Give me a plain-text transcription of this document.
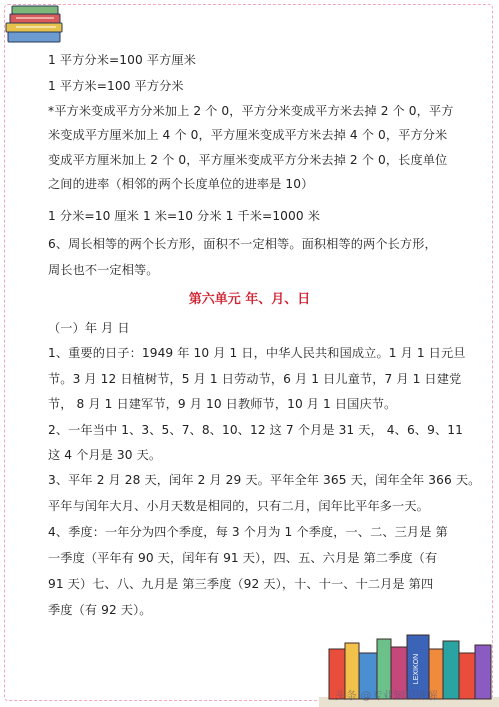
1 平方分米=100 平方厘米
1 平方米=100 平方分米
*平方米变成平方分米加上 2 个 0，平方分米变成平方米去掉 2 个 0，平方
米变成平方厘米加上 4 个 0，平方厘米变成平方米去掉 4 个 0，平方分米
变成平方厘米加上 2 个 0，平方厘米变成平方分米去掉 2 个 0，长度单位
之间的进率（相邻的两个长度单位的进率是 10）
1 分米=10 厘米 1 米=10 分米 1 千米=1000 米
6、周长相等的两个长方形，面积不一定相等。面积相等的两个长方形，
周长也不一定相等。
第六单元 年、月、日
（一）年 月 日
1、重要的日子：1949 年 10 月 1 日，中华人民共和国成立。1 月 1 日元旦
节。3 月 12 日植树节，5 月 1 日劳动节，6 月 1 日儿童节，7 月 1 日建党
节， 8 月 1 日建军节，9 月 10 日教师节，10 月 1 日国庆节。
2、一年当中 1、3、5、7、8、10、12 这 7 个月是 31 天， 4、6、9、11
这 4 个月是 30 天。
3、平年 2 月 28 天，闰年 2 月 29 天。平年全年 365 天，闰年全年 366 天。
平年与闰年大月、小月天数是相同的，只有二月，闰年比平年多一天。
4、季度：一年分为四个季度，每 3 个月为 1 个季度，一、二、三月是 第
一季度（平年有 90 天，闰年有 91 天），四、五、六月是 第二季度（有
91 天）七、八、九月是 第三季度（92 天），十、十一、十二月是 第四
季度（有 92 天）。
LEXIKON
头条 @专业知识讲解
